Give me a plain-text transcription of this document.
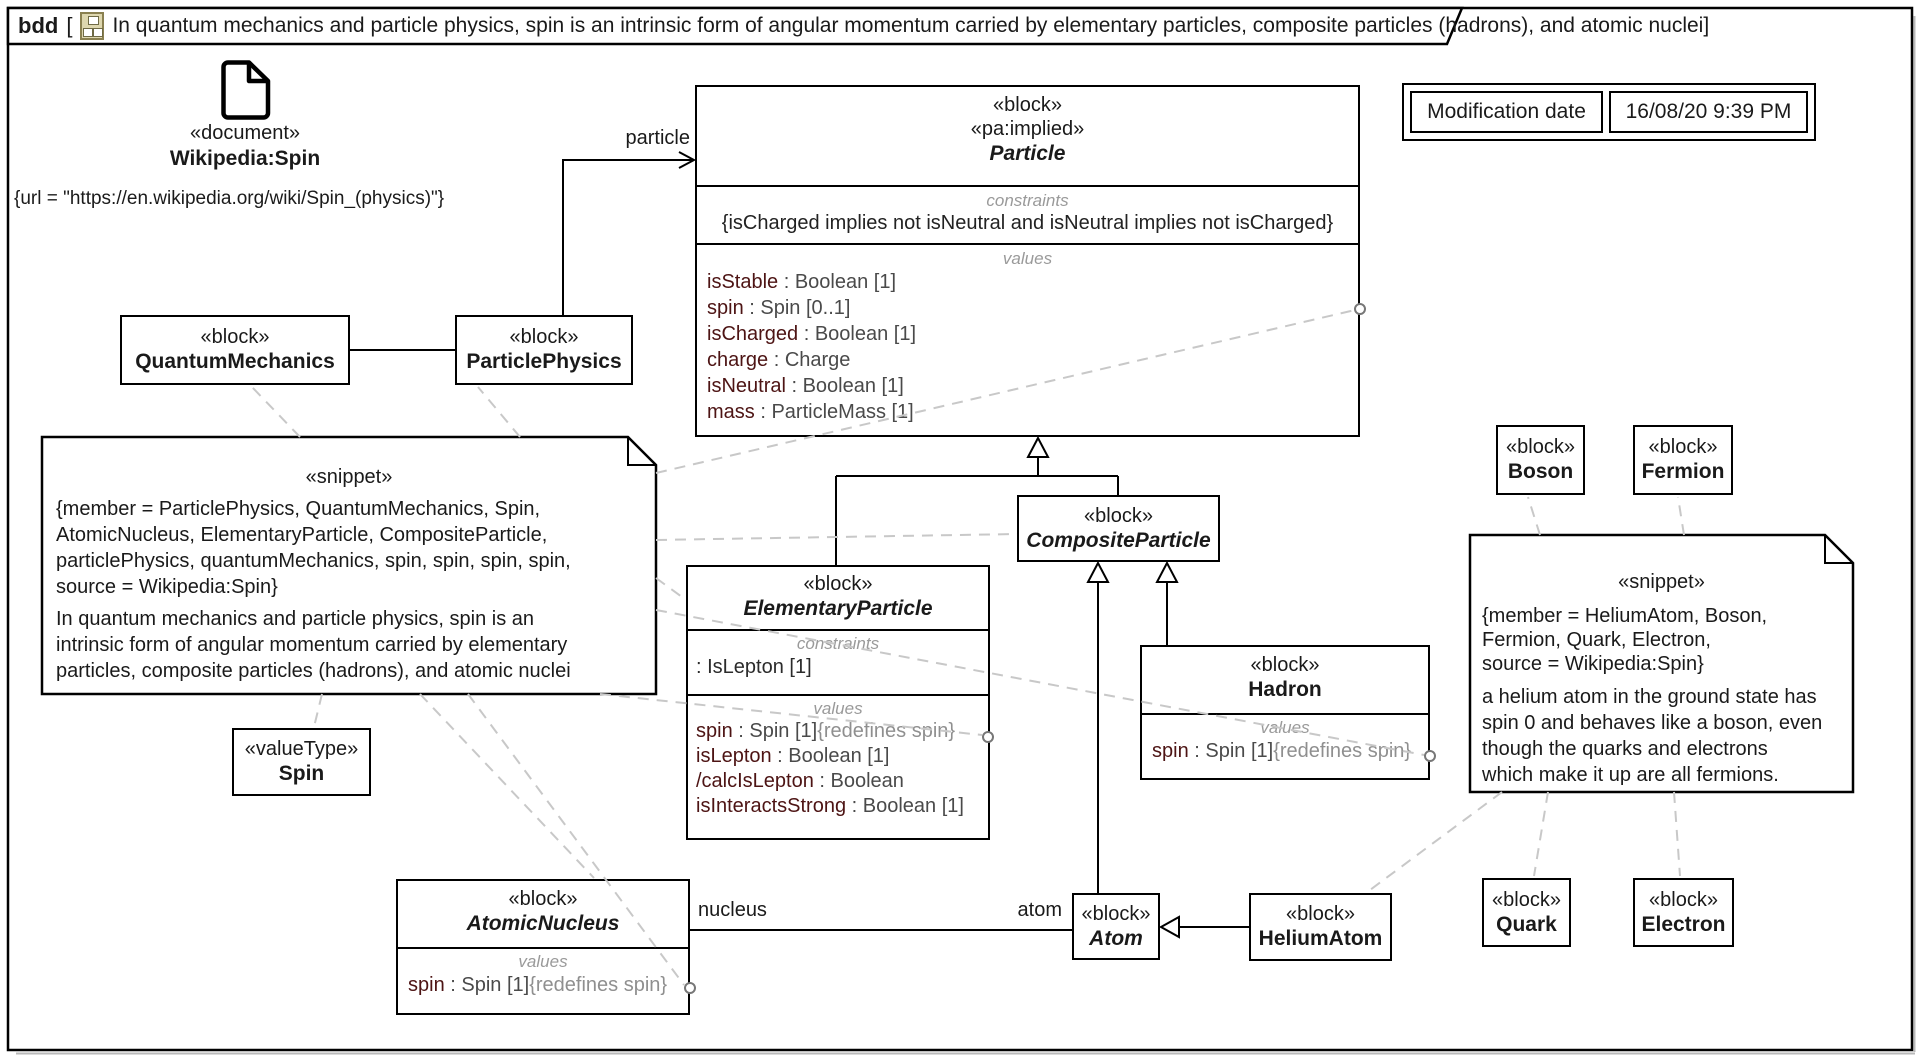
bdd [ In quantum mechanics and particle physics, spin is an intrinsic form of angular momentum carried by elementary particles, composite particles (hadrons), and atomic nuclei]
«document»
Wikipedia:Spin
{url = "https://en.wikipedia.org/wiki/Spin_(physics)"}
Modification date	16/08/20 9:39 PM
«block»
QuantumMechanics
«block»
ParticlePhysics
«valueType»
Spin
«block»
CompositeParticle
«block»
Atom
«block»
HeliumAtom
«block»
Boson
«block»
Fermion
«block»
Quark
«block»
Electron
«block»
«pa:implied»
Particle
constraints
{isCharged implies not isNeutral and isNeutral implies not isCharged}
values
isStable : Boolean [1]
spin : Spin [0..1]
isCharged : Boolean [1]
charge : Charge
isNeutral : Boolean [1]
mass : ParticleMass [1]
«block»
ElementaryParticle
constraints
: IsLepton [1]
values
spin : Spin [1]{redefines spin}
isLepton : Boolean [1]
/calcIsLepton : Boolean
isInteractsStrong : Boolean [1]
«block»
Hadron
values
spin : Spin [1]{redefines spin}
«block»
AtomicNucleus
values
spin : Spin [1]{redefines spin}
«snippet»
{member = ParticlePhysics, QuantumMechanics, Spin,
AtomicNucleus, ElementaryParticle, CompositeParticle,
particlePhysics, quantumMechanics, spin, spin, spin, spin,
source = Wikipedia:Spin}
In quantum mechanics and particle physics, spin is an
intrinsic form of angular momentum carried by elementary
particles, composite particles (hadrons), and atomic nuclei
«snippet»
{member = HeliumAtom, Boson,
Fermion, Quark, Electron,
source = Wikipedia:Spin}
a helium atom in the ground state has
spin 0 and behaves like a boson, even
though the quarks and electrons
which make it up are all fermions.
particle
nucleus	atom
